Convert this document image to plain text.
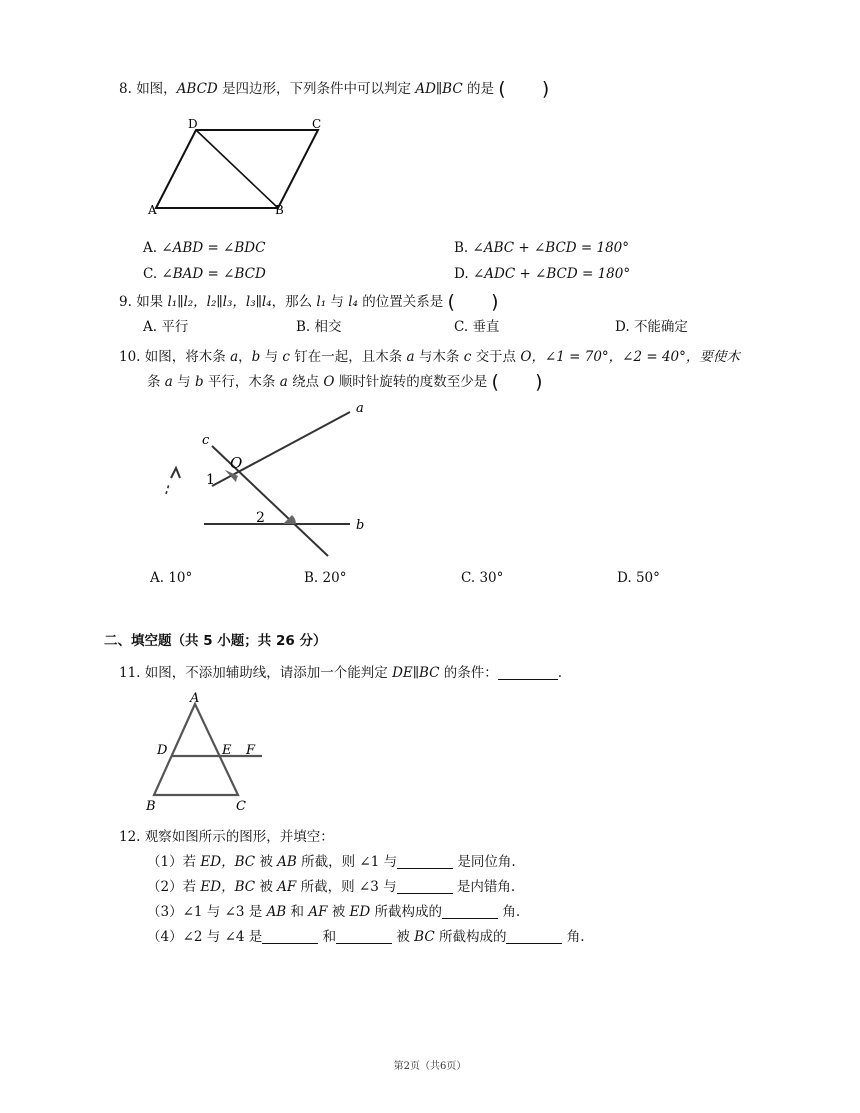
8. 如图，ABCD 是四边形，下列条件中可以判定 AD∥BC 的是 (      )
D	C
A	B
A. ∠ABD = ∠BDC	B. ∠ABC + ∠BCD = 180°
C. ∠BAD = ∠BCD	D. ∠ADC + ∠BCD = 180°
9. 如果 l₁∥l₂，l₂∥l₃，l₃∥l₄，那么 l₁ 与 l₄ 的位置关系是 (      )
A. 平行	B. 相交	C. 垂直	D. 不能确定
10. 如图，将木条 a，b 与 c 钉在一起，且木条 a 与木条 c 交于点 O，∠1 = 70°，∠2 = 40°，要使木
条 a 与 b 平行，木条 a 绕点 O 顺时针旋转的度数至少是 (      )
a
b
c
O
1
2
A. 10°	B. 20°	C. 30°	D. 50°
二、填空题（共 5 小题；共 26 分）
11. 如图，不添加辅助线，请添加一个能判定 DE∥BC 的条件：	.
A
D	E F
B	C
12. 观察如图所示的图形，并填空：
（1）若 ED，BC 被 AB 所截，则 ∠1 与	是同位角.
（2）若 ED，BC 被 AF 所截，则 ∠3 与	是内错角.
（3）∠1 与 ∠3 是 AB 和 AF 被 ED 所截构成的	角.
（4）∠2 与 ∠4 是	和	被 BC 所截构成的	角.
第2页（共6页）
